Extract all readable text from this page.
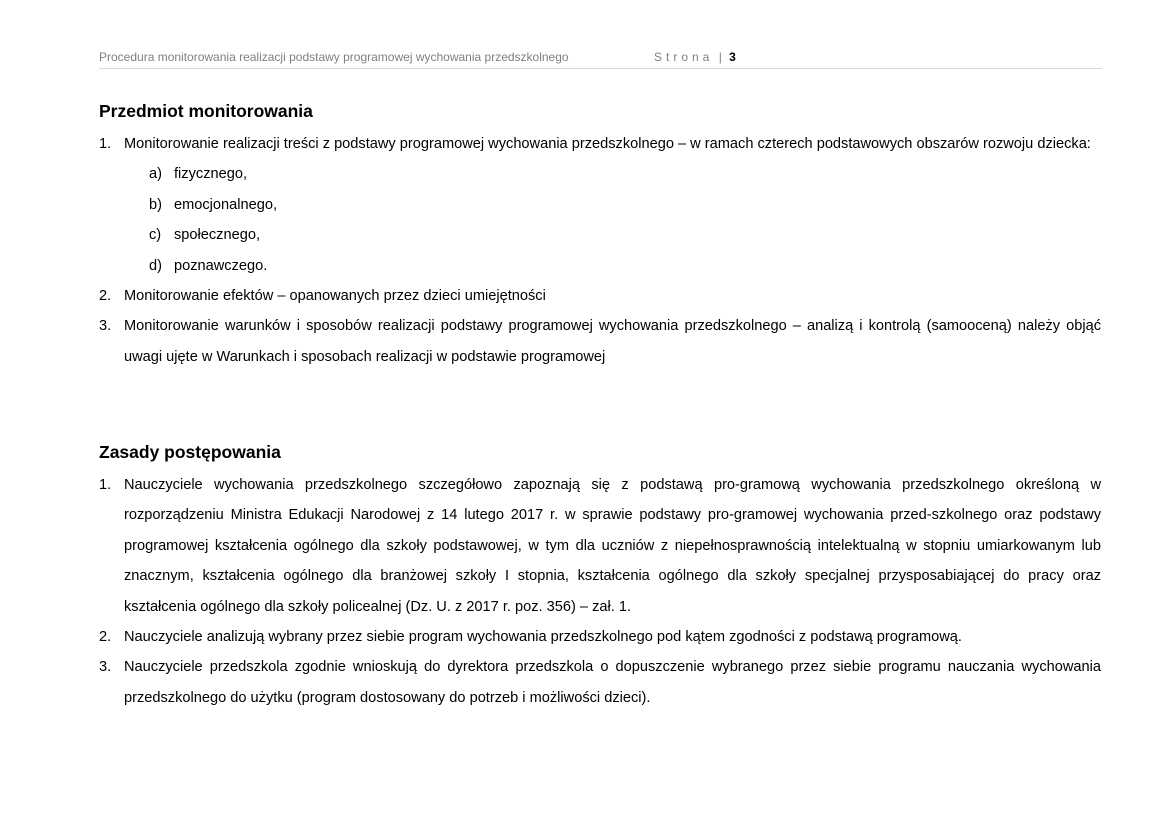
Procedura monitorowania realizacji podstawy programowej wychowania przedszkolnego	Strona | 3
Przedmiot monitorowania
1. Monitorowanie realizacji treści z podstawy programowej wychowania przedszkolnego – w ramach czterech podstawowych obszarów rozwoju dziecka:
a) fizycznego,
b) emocjonalnego,
c) społecznego,
d) poznawczego.
2. Monitorowanie efektów – opanowanych przez dzieci umiejętności
3. Monitorowanie warunków i sposobów realizacji podstawy programowej wychowania przedszkolnego – analizą i kontrolą (samooceną) należy objąć uwagi ujęte w Warunkach i sposobach realizacji w podstawie programowej
Zasady postępowania
1. Nauczyciele wychowania przedszkolnego szczegółowo zapoznają się z podstawą pro-gramową wychowania przedszkolnego określoną w rozporządzeniu Ministra Edukacji Narodowej z 14 lutego 2017 r. w sprawie podstawy pro-gramowej wychowania przed-szkolnego oraz podstawy programowej kształcenia ogólnego dla szkoły podstawowej, w tym dla uczniów z niepełnosprawnością intelektualną w stopniu umiarkowanym lub znacznym, kształcenia ogólnego dla branżowej szkoły I stopnia, kształcenia ogólnego dla szkoły specjalnej przysposabiającej do pracy oraz kształcenia ogólnego dla szkoły policealnej (Dz. U. z 2017 r. poz. 356) – zał. 1.
2. Nauczyciele analizują wybrany przez siebie program wychowania przedszkolnego pod kątem zgodności z podstawą programową.
3. Nauczyciele przedszkola zgodnie wnioskują do dyrektora przedszkola o dopuszczenie wybranego przez siebie programu nauczania wychowania przedszkolnego do użytku (program dostosowany do potrzeb i możliwości dzieci).
